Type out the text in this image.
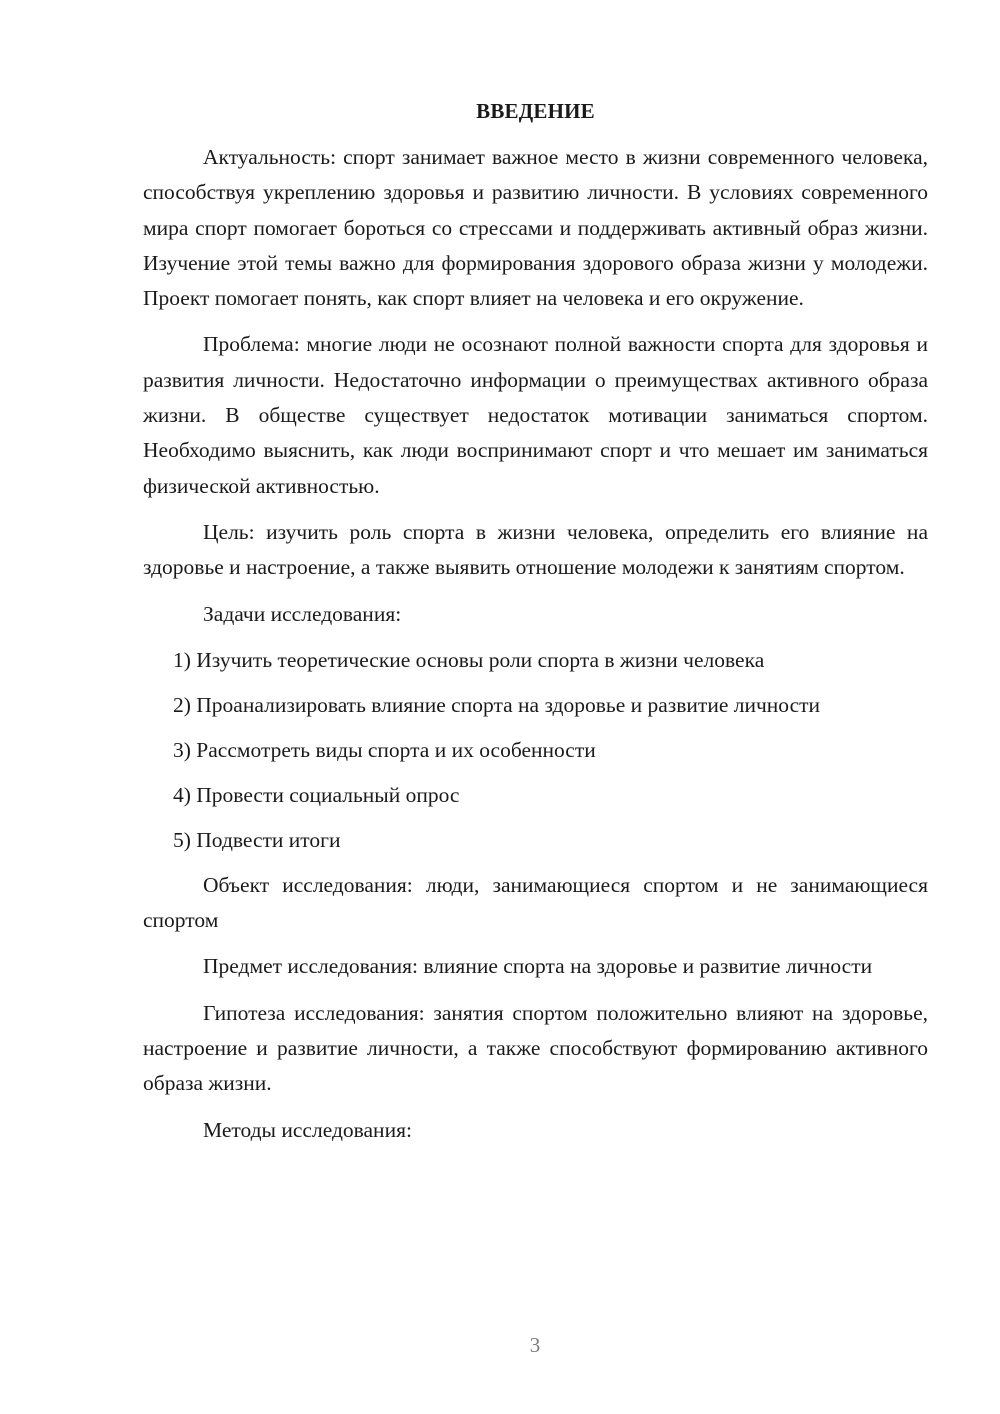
ВВЕДЕНИЕ

Актуальность: спорт занимает важное место в жизни современного человека, способствуя укреплению здоровья и развитию личности. В условиях современного мира спорт помогает бороться со стрессами и поддерживать активный образ жизни. Изучение этой темы важно для формирования здорового образа жизни у молодежи. Проект помогает понять, как спорт влияет на человека и его окружение.

Проблема: многие люди не осознают полной важности спорта для здоровья и развития личности. Недостаточно информации о преимуществах активного образа жизни. В обществе существует недостаток мотивации заниматься спортом. Необходимо выяснить, как люди воспринимают спорт и что мешает им заниматься физической активностью.

Цель: изучить роль спорта в жизни человека, определить его влияние на здоровье и настроение, а также выявить отношение молодежи к занятиям спортом.

Задачи исследования:

1) Изучить теоретические основы роли спорта в жизни человека
2) Проанализировать влияние спорта на здоровье и развитие личности
3) Рассмотреть виды спорта и их особенности
4) Провести социальный опрос
5) Подвести итоги

Объект исследования: люди, занимающиеся спортом и не занимающиеся спортом

Предмет исследования: влияние спорта на здоровье и развитие личности

Гипотеза исследования: занятия спортом положительно влияют на здоровье, настроение и развитие личности, а также способствуют формированию активного образа жизни.

Методы исследования:

3
